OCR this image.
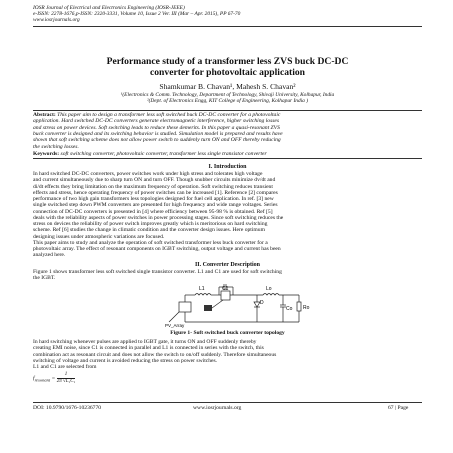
IOSR Journal of Electrical and Electronics Engineering (IOSR-JEEE)
e-ISSN: 2278-1676,p-ISSN: 2320-3331, Volume 10, Issue 2 Ver. III (Mar – Apr. 2015), PP 67-70
www.iosrjournals.org
Performance study of a transformer less ZVS buck DC-DC
converter for photovoltaic application
Shamkumar B. Chavan¹, Mahesh S. Chavan²
¹(Electronics & Comm. Technology, Department of Technology, Shivaji University, Kolhapur, India
²(Dept. of Electronics Engg, KIT College of Engineering, Kolhapur India )
Abstract: This paper aim to design a transformer less soft switched buck DC-DC converter for a photovoltaic
application. Hard switched DC-DC converters generate electromagnetic interference, higher switching losses
and stress on power devices. Soft switching leads to reduce these demerits. In this paper a quasi-resonant ZVS
buck converter is designed and its switching behavior is studied. Simulation model is prepared and results have
shown that soft switching scheme does not allow power switch to suddenly turn ON and OFF thereby reducing
the switching losses.
Keywords: soft switching converter, photovoltaic converter, transformer less single transistor converter
I. Introduction
In hard switched DC-DC converters, power switches work under high stress and tolerates high voltage
and current simultaneously due to sharp turn ON and turn OFF. Though snubber circuits minimize dv/dt and
di/dt effects they bring limitation on the maximum frequency of operation. Soft switching reduces transient
effects and stress, hence operating frequency of power switches can be increased [1]. Reference [2] compares
performance of two high gain transformers less topologies designed for fuel cell application. In ref. [3] new
single switched step down PWM converters are presented for high frequency and wide range voltages. Series
connection of DC-DC converters is presented in [4] where efficiency between 95-98 % is obtained. Ref [5]
deals with the reliability aspects of power switches in power processing stages. Since soft switching reduces the
stress on devices the reliability of power switch improves greatly which is meritorious on hard switching
scheme. Ref [6] studies the change in climatic condition and the converter design issues. Here optimum
designing issues under atmospheric variations are focused.
This paper aims to study and analyze the operation of soft switched transformer less buck converter for a
photovoltaic array. The effect of resonant components on IGBT switching, output voltage and current has been
analyzed here.
II. Converter Description
Figure 1 shows transformer less soft switched single transistor converter. L1 and C1 are used for soft switching
the IGBT.
C1
L1	Lo
D
Co Ro
PV_Array
Figure 1- Soft switched buck converter topology
In hard switching whenever pulses are applied to IGBT gate, it turns ON and OFF suddenly thereby
creating EMI noise, since C1 is connected in parallel and L1 is connected in series with the switch, this
combination act as resonant circuit and does not allow the switch to on/off suddenly. Therefore simultaneous
switching of voltage and current is avoided reducing the stress on power switches.
L1 and C1 are selected from
$f_{resonant} = \frac{1}{\text{2π √L₁C₁}}$
DOI: 10.9790/1676-10236770	www.iosrjournals.org	67 | Page
